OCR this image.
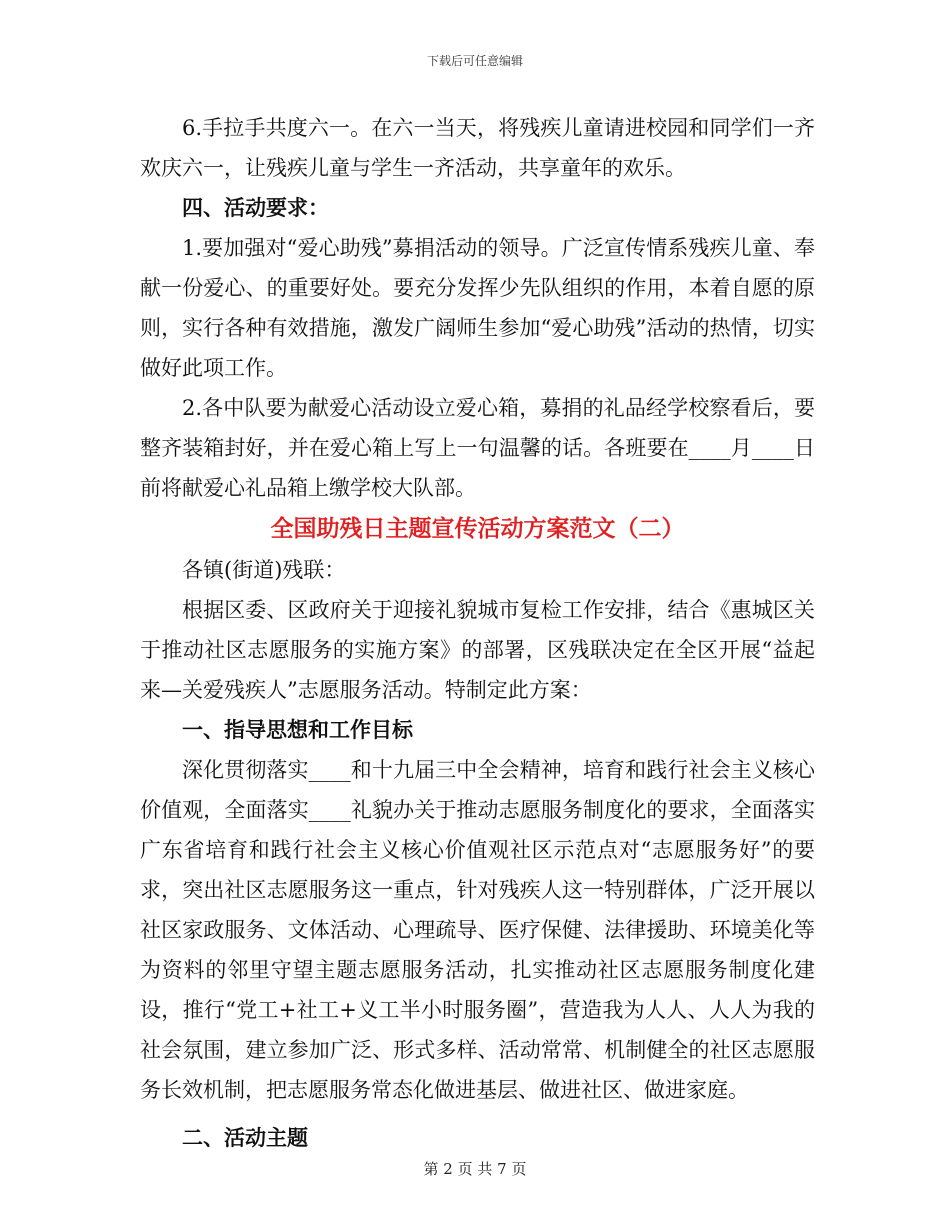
下载后可任意编辑

6.手拉手共度六一。在六一当天，将残疾儿童请进校园和同学们一齐欢庆六一，让残疾儿童与学生一齐活动，共享童年的欢乐。

四、活动要求：

1.要加强对“爱心助残”募捐活动的领导。广泛宣传情系残疾儿童、奉献一份爱心、的重要好处。要充分发挥少先队组织的作用，本着自愿的原则，实行各种有效措施，激发广阔师生参加“爱心助残”活动的热情，切实做好此项工作。

2.各中队要为献爱心活动设立爱心箱，募捐的礼品经学校察看后，要整齐装箱封好，并在爱心箱上写上一句温馨的话。各班要在____月____日前将献爱心礼品箱上缴学校大队部。

全国助残日主题宣传活动方案范文（二）

各镇(街道)残联：

根据区委、区政府关于迎接礼貌城市复检工作安排，结合《惠城区关于推动社区志愿服务的实施方案》的部署，区残联决定在全区开展“益起来—关爱残疾人”志愿服务活动。特制定此方案：

一、指导思想和工作目标

深化贯彻落实____和十九届三中全会精神，培育和践行社会主义核心价值观，全面落实____礼貌办关于推动志愿服务制度化的要求，全面落实广东省培育和践行社会主义核心价值观社区示范点对“志愿服务好”的要求，突出社区志愿服务这一重点，针对残疾人这一特别群体，广泛开展以社区家政服务、文体活动、心理疏导、医疗保健、法律援助、环境美化等为资料的邻里守望主题志愿服务活动，扎实推动社区志愿服务制度化建设，推行“党工+社工+义工半小时服务圈”，营造我为人人、人人为我的社会氛围，建立参加广泛、形式多样、活动常常、机制健全的社区志愿服务长效机制，把志愿服务常态化做进基层、做进社区、做进家庭。

二、活动主题

第 2 页 共 7 页
